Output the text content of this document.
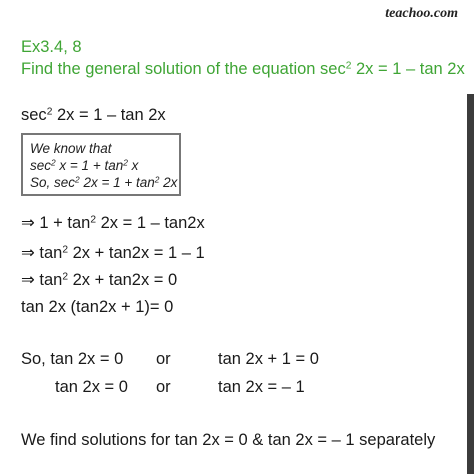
teachoo.com
Ex3.4, 8
Find the general solution of the equation $\sec^2 2x = 1 - \tan 2x$
$\sec^2 2x = 1 - \tan 2x$
We know that
$\sec^2 x = 1 + \tan^2 x$
So, $\sec^2 2x = 1 + \tan^2 2x$
⇒ $1 + \tan^2 2x = 1 - \tan 2x$
⇒ $\tan^2 2x + \tan 2x = 1 - 1$
⇒ $\tan^2 2x + \tan 2x = 0$
tan 2x (tan2x + 1)= 0
So, tan 2x = 0 or	tan 2x + 1 = 0
tan 2x = 0 or	tan 2x = – 1
We find solutions for tan 2x = 0 & tan 2x = – 1 separately
